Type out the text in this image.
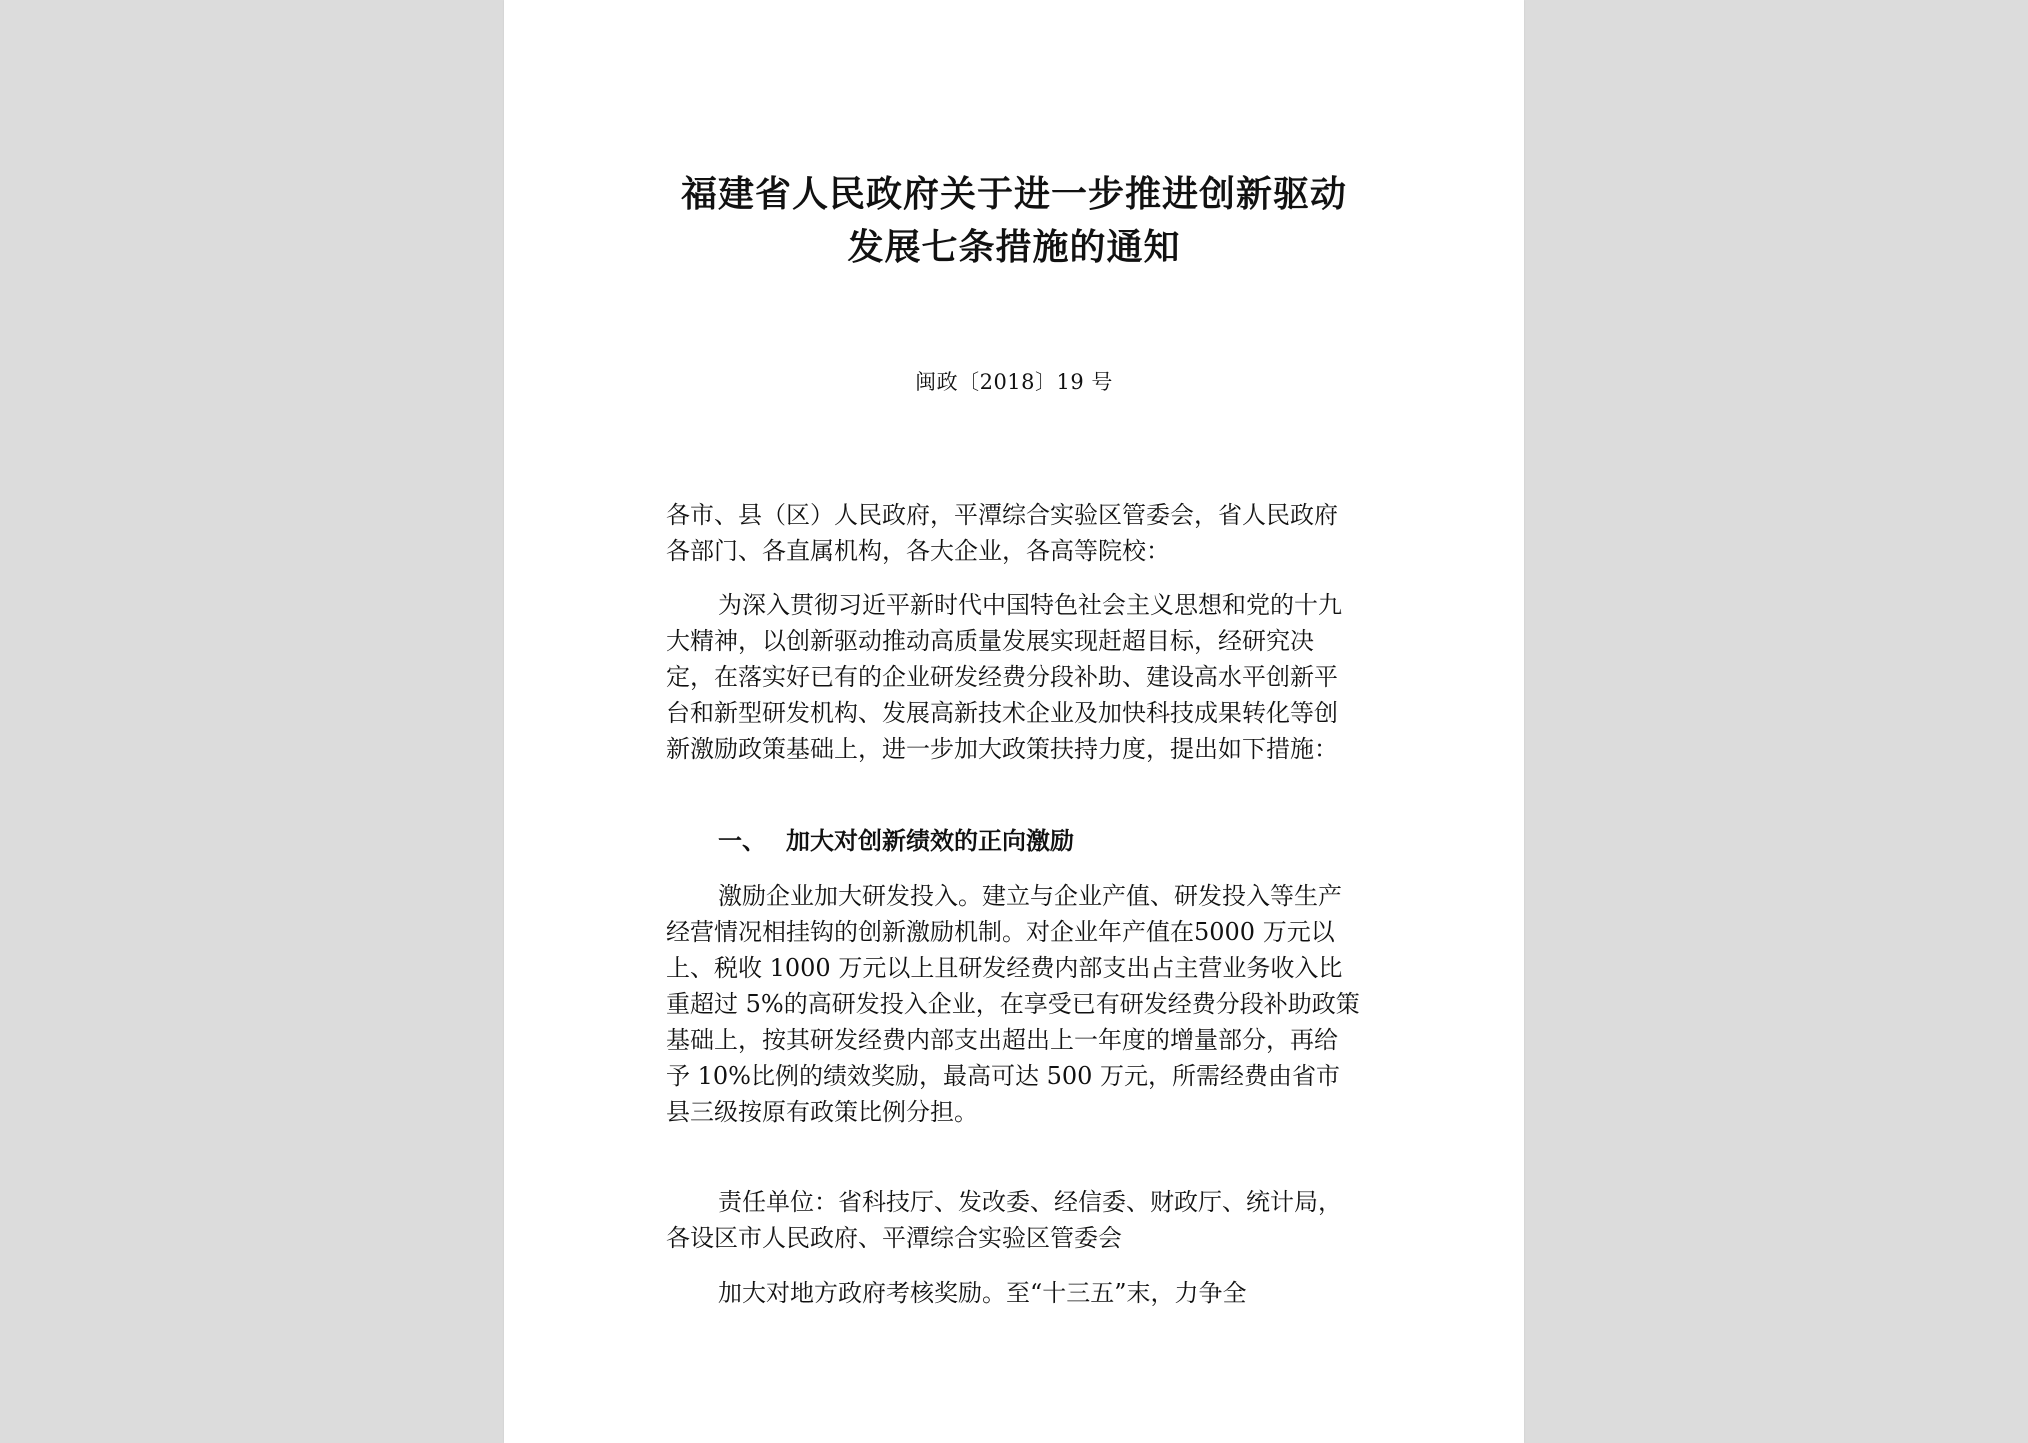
福建省人民政府关于进一步推进创新驱动
发展七条措施的通知
闽政〔2018〕19 号

各市、县（区）人民政府，平潭综合实验区管委会，省人民政府各部门、各直属机构，各大企业，各高等院校：

为深入贯彻习近平新时代中国特色社会主义思想和党的十九大精神，以创新驱动推动高质量发展实现赶超目标，经研究决定，在落实好已有的企业研发经费分段补助、建设高水平创新平台和新型研发机构、发展高新技术企业及加快科技成果转化等创新激励政策基础上，进一步加大政策扶持力度，提出如下措施：

一、 加大对创新绩效的正向激励

激励企业加大研发投入。建立与企业产值、研发投入等生产经营情况相挂钩的创新激励机制。对企业年产值在5000 万元以上、税收 1000 万元以上且研发经费内部支出占主营业务收入比重超过 5%的高研发投入企业，在享受已有研发经费分段补助政策基础上，按其研发经费内部支出超出上一年度的增量部分，再给予 10%比例的绩效奖励，最高可达 500 万元，所需经费由省市县三级按原有政策比例分担。

责任单位：省科技厅、发改委、经信委、财政厅、统计局，各设区市人民政府、平潭综合实验区管委会

加大对地方政府考核奖励。至“十三五”末，力争全
